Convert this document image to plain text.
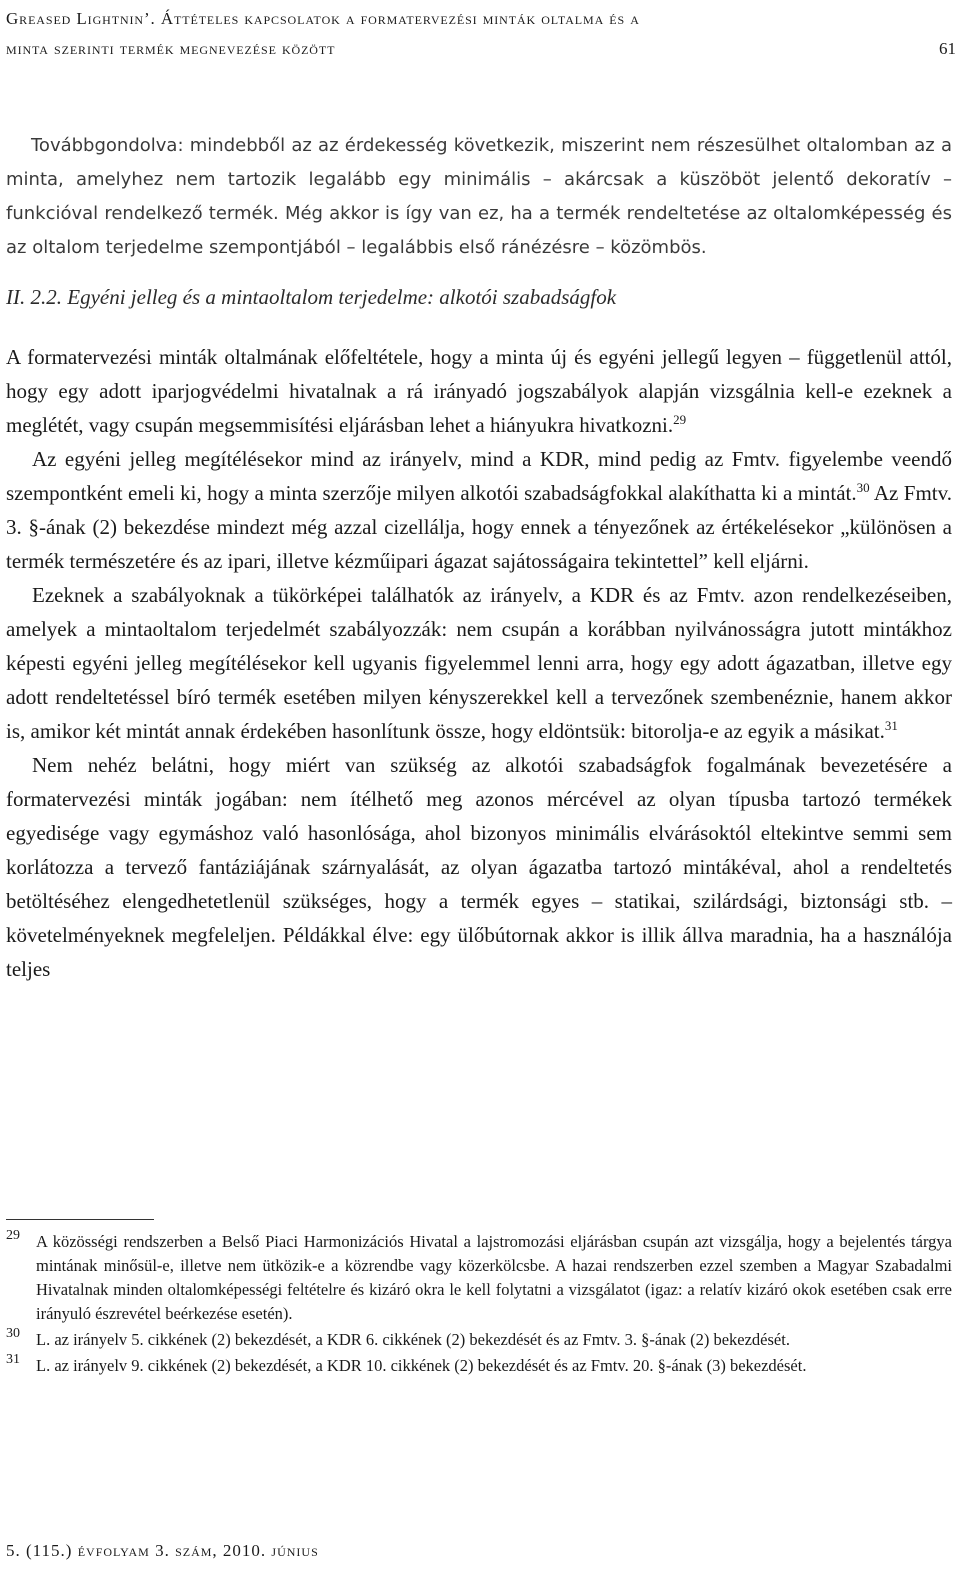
Greased Lightnin’. Áttételes kapcsolatok a formatervezési minták oltalma és a
minta szerinti termék megnevezése között	61

Továbbgondolva: mindebből az az érdekesség következik, miszerint nem részesülhet oltalomban az a minta, amelyhez nem tartozik legalább egy minimális – akárcsak a küszöböt jelentő dekoratív – funkcióval rendelkező termék. Még akkor is így van ez, ha a termék rendeltetése az oltalomképesség és az oltalom terjedelme szempontjából – legalábbis első ránézésre – közömbös.

II. 2.2. Egyéni jelleg és a mintaoltalom terjedelme: alkotói szabadságfok

A formatervezési minták oltalmának előfeltétele, hogy a minta új és egyéni jellegű legyen – függetlenül attól, hogy egy adott iparjogvédelmi hivatalnak a rá irányadó jogszabályok alapján vizsgálnia kell-e ezeknek a meglétét, vagy csupán megsemmisítési eljárásban lehet a hiányukra hivatkozni.$^{29}$

Az egyéni jelleg megítélésekor mind az irányelv, mind a KDR, mind pedig az Fmtv. figyelembe veendő szempontként emeli ki, hogy a minta szerzője milyen alkotói szabadságfokkal alakíthatta ki a mintát.$^{30}$ Az Fmtv. 3. §-ának (2) bekezdése mindezt még azzal cizellálja, hogy ennek a tényezőnek az értékelésekor „különösen a termék természetére és az ipari, illetve kézműipari ágazat sajátosságaira tekintettel” kell eljárni.

Ezeknek a szabályoknak a tükörképei találhatók az irányelv, a KDR és az Fmtv. azon rendelkezéseiben, amelyek a mintaoltalom terjedelmét szabályozzák: nem csupán a korábban nyilvánosságra jutott mintákhoz képesti egyéni jelleg megítélésekor kell ugyanis figyelemmel lenni arra, hogy egy adott ágazatban, illetve egy adott rendeltetéssel bíró termék esetében milyen kényszerekkel kell a tervezőnek szembenéznie, hanem akkor is, amikor két mintát annak érdekében hasonlítunk össze, hogy eldöntsük: bitorolja-e az egyik a másikat.$^{31}$

Nem nehéz belátni, hogy miért van szükség az alkotói szabadságfok fogalmának bevezetésére a formatervezési minták jogában: nem ítélhető meg azonos mércével az olyan típusba tartozó termékek egyedisége vagy egymáshoz való hasonlósága, ahol bizonyos minimális elvárásoktól eltekintve semmi sem korlátozza a tervező fantáziájának szárnyalását, az olyan ágazatba tartozó mintákéval, ahol a rendeltetés betöltéséhez elengedhetetlenül szükséges, hogy a termék egyes – statikai, szilárdsági, biztonsági stb. – követelményeknek megfeleljen. Példákkal élve: egy ülőbútornak akkor is illik állva maradnia, ha a használója teljes

29 A közösségi rendszerben a Belső Piaci Harmonizációs Hivatal a lajstromozási eljárásban csupán azt vizsgálja, hogy a bejelentés tárgya mintának minősül-e, illetve nem ütközik-e a közrendbe vagy közerkölcsbe. A hazai rendszerben ezzel szemben a Magyar Szabadalmi Hivatalnak minden oltalomképességi feltételre és kizáró okra le kell folytatni a vizsgálatot (igaz: a relatív kizáró okok esetében csak erre irányuló észrevétel beérkezése esetén).

30 L. az irányelv 5. cikkének (2) bekezdését, a KDR 6. cikkének (2) bekezdését és az Fmtv. 3. §-ának (2) bekezdését.

31 L. az irányelv 9. cikkének (2) bekezdését, a KDR 10. cikkének (2) bekezdését és az Fmtv. 20. §-ának (3) bekezdését.

5. (115.) évfolyam 3. szám, 2010. június
